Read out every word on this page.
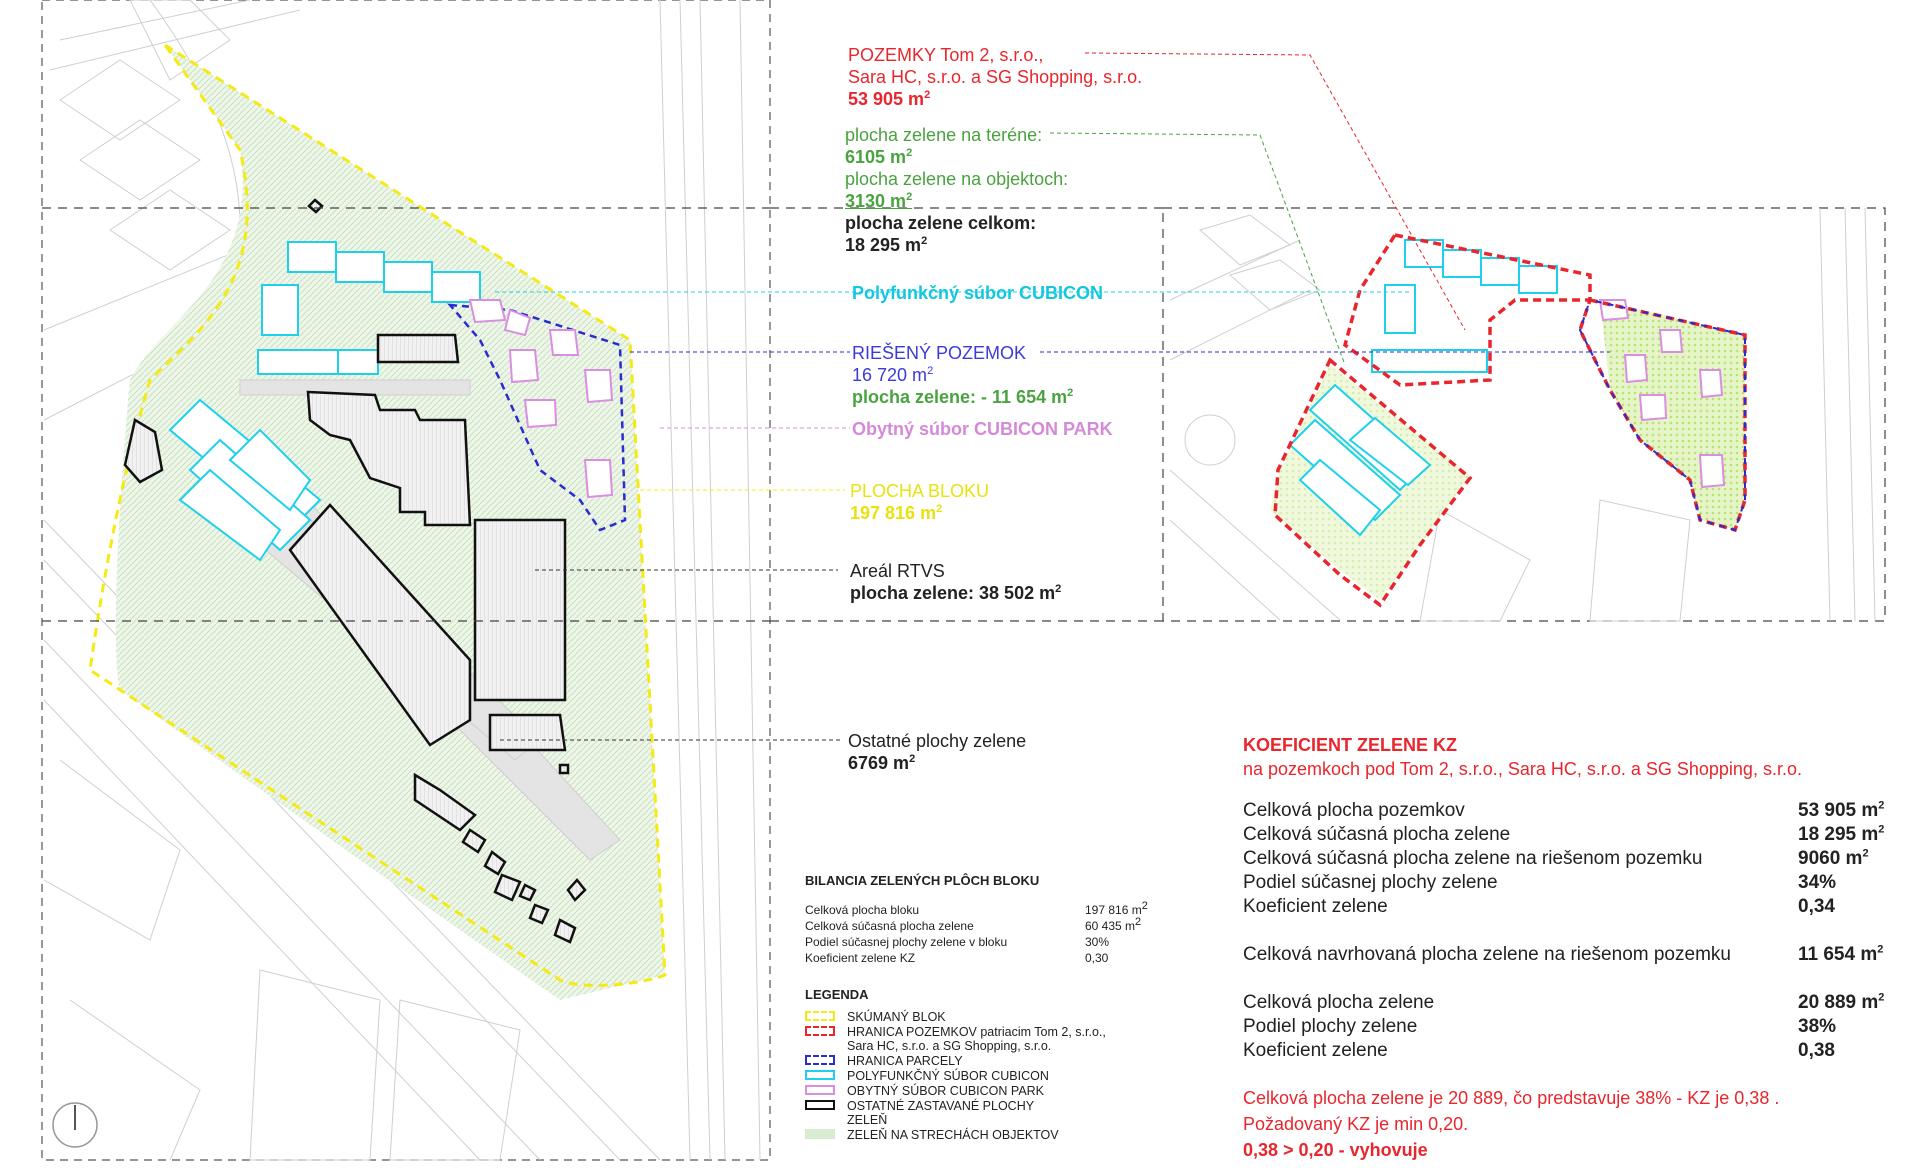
POZEMKY Tom 2, s.r.o.,
Sara HC, s.r.o. a SG Shopping, s.r.o.
53 905 $m^2$
plocha zelene na teréne:
6105 $m^2$
plocha zelene na objektoch:
3130 $m^2$
plocha zelene celkom:
18 295 $m^2$
Polyfunkčný súbor CUBICON
RIEŠENÝ POZEMOK
16 720 $m^2$
plocha zelene: - 11 654 $m^2$
Obytný súbor CUBICON PARK
PLOCHA BLOKU
197 816 $m^2$
Areál RTVS
plocha zelene: 38 502 $m^2$
Ostatné plochy zelene
6769 $m^2$
BILANCIA ZELENÝCH PLÔCH BLOKU
Celková plocha bloku	197 816 $m^2$
Celková súčasná plocha zelene	60 435 $m^2$
Podiel súčasnej plochy zelene v bloku	30%
Koeficient zelene KZ	0,30
LEGENDA
SKÚMANÝ BLOK
HRANICA POZEMKOV patriacim Tom 2, s.r.o.,
Sara HC, s.r.o. a SG Shopping, s.r.o.
HRANICA PARCELY
POLYFUNKČNÝ SÚBOR CUBICON
OBYTNÝ SÚBOR CUBICON PARK
OSTATNÉ ZASTAVANÉ PLOCHY
ZELEŇ
ZELEŇ NA STRECHÁCH OBJEKTOV
KOEFICIENT ZELENE KZ
na pozemkoch pod Tom 2, s.r.o., Sara HC, s.r.o. a SG Shopping, s.r.o.
Celková plocha pozemkov	53 905 $m^2$
Celková súčasná plocha zelene	18 295 $m^2$
Celková súčasná plocha zelene na riešenom pozemku	9060 $m^2$
Podiel súčasnej plochy zelene	34%
Koeficient zelene	0,34
Celková navrhovaná plocha zelene na riešenom pozemku	11 654 $m^2$
Celková plocha zelene	20 889 $m^2$
Podiel plochy zelene	38%
Koeficient zelene	0,38
Celková plocha zelene je 20 889, čo predstavuje 38% - KZ je 0,38 .
Požadovaný KZ je min 0,20.
0,38 > 0,20 - vyhovuje
